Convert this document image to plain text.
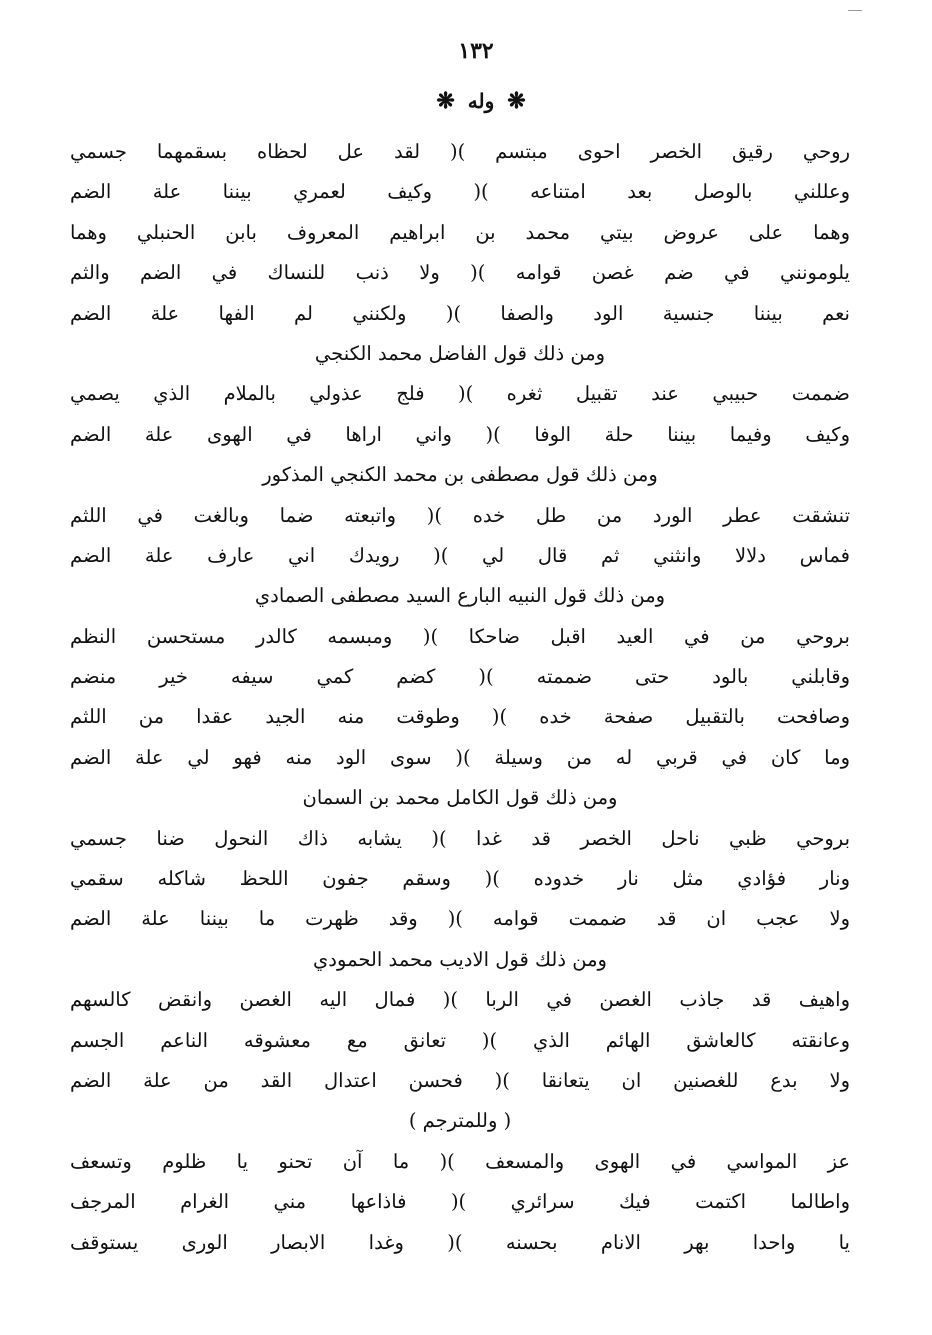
١٣٢
❋ وله ❋
روحي رقيق الخصر احوى مبتسم )( لقد عل لحظاه بسقمهما جسمي
وعللني بالوصل بعد امتناعه )( وكيف لعمري بيننا علة الضم
وهما على عروض بيتي محمد بن ابراهيم المعروف بابن الحنبلي وهما
يلومونني في ضم غصن قوامه )( ولا ذنب للنساك في الضم والثم
نعم بيننا جنسية الود والصفا )( ولكنني لم الفها علة الضم
ومن ذلك قول الفاضل محمد الكنجي
ضممت حبيبي عند تقبيل ثغره )( فلج عذولي بالملام الذي يصمي
وكيف وفيما بيننا حلة الوفا )( واني اراها في الهوى علة الضم
ومن ذلك قول مصطفى بن محمد الكنجي المذكور
تنشقت عطر الورد من طل خده )( واتبعته ضما وبالغت في اللثم
فماس دلالا وانثني ثم قال لي )( رويدك اني عارف علة الضم
ومن ذلك قول النبيه البارع السيد مصطفى الصمادي
بروحي من في العيد اقبل ضاحكا )( ومبسمه كالدر مستحسن النظم
وقابلني بالود حتى ضممته )( كضم كمي سيفه خير منضم
وصافحت بالتقبيل صفحة خده )( وطوقت منه الجيد عقدا من اللثم
وما كان في قربي له من وسيلة )( سوى الود منه فهو لي علة الضم
ومن ذلك قول الكامل محمد بن السمان
بروحي ظبي ناحل الخصر قد غدا )( يشابه ذاك النحول ضنا جسمي
ونار فؤادي مثل نار خدوده )( وسقم جفون اللحظ شاكله سقمي
ولا عجب ان قد ضممت قوامه )( وقد ظهرت ما بيننا علة الضم
ومن ذلك قول الاديب محمد الحمودي
واهيف قد جاذب الغصن في الربا )( فمال اليه الغصن وانقض كالسهم
وعانقته كالعاشق الهائم الذي )( تعانق مع معشوقه الناعم الجسم
ولا بدع للغصنين ان يتعانقا )( فحسن اعتدال القد من علة الضم
( وللمترجم )
عز المواسي في الهوى والمسعف )( ما آن تحنو يا ظلوم وتسعف
واطالما اكتمت فيك سرائري )( فاذاعها مني الغرام المرجف
يا واحدا بهر الانام بحسنه )( وغدا الابصار الورى يستوقف
